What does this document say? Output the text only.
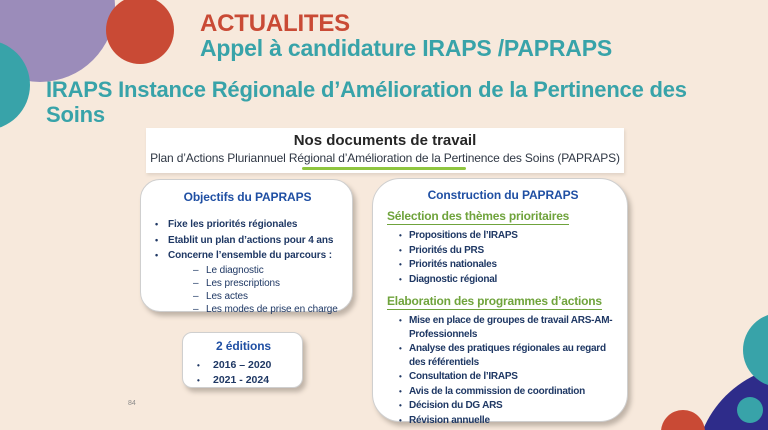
ACTUALITES
Appel à candidature IRAPS /PAPRAPS
IRAPS Instance Régionale d’Amélioration de la Pertinence des Soins
Nos documents de travail
Plan d’Actions Pluriannuel Régional d’Amélioration de la Pertinence des Soins (PAPRAPS)
Objectifs du PAPRAPS
• Fixe les priorités régionales
• Etablit un plan d’actions pour 4 ans
• Concerne l’ensemble du parcours :
– Le diagnostic
– Les prescriptions
– Les actes
– Les modes de prise en charge
2 éditions
•	2016 – 2020
•	2021 - 2024
Construction du PAPRAPS
Sélection des thèmes prioritaires
• Propositions de l’IRAPS
• Priorités du PRS
• Priorités nationales
• Diagnostic régional
Elaboration des programmes d’actions
• Mise en place de groupes de travail ARS-AM-Professionnels
• Analyse des pratiques régionales au regard des référentiels
• Consultation de l’IRAPS
• Avis de la commission de coordination
• Décision du DG ARS
• Révision annuelle
84
